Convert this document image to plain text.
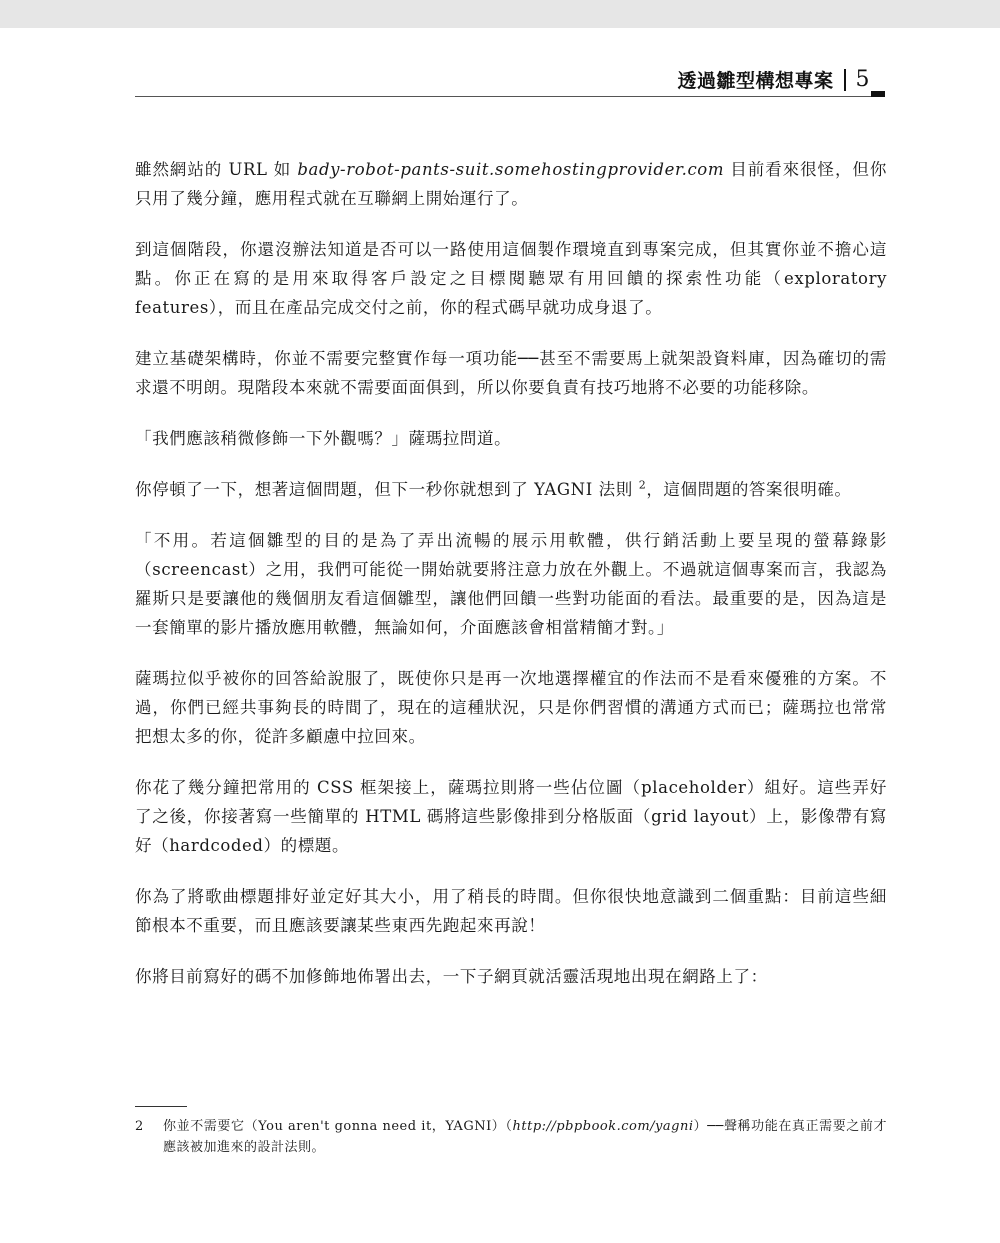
透過雛型構想專案 5

雖然網站的 URL 如 bady-robot-pants-suit.somehostingprovider.com 目前看來很怪，但你只用了幾分鐘，應用程式就在互聯網上開始運行了。

到這個階段，你還沒辦法知道是否可以一路使用這個製作環境直到專案完成，但其實你並不擔心這點。你正在寫的是用來取得客戶設定之目標閱聽眾有用回饋的探索性功能（exploratory features），而且在產品完成交付之前，你的程式碼早就功成身退了。

建立基礎架構時，你並不需要完整實作每一項功能──甚至不需要馬上就架設資料庫，因為確切的需求還不明朗。現階段本來就不需要面面俱到，所以你要負責有技巧地將不必要的功能移除。

「我們應該稍微修飾一下外觀嗎？」薩瑪拉問道。

你停頓了一下，想著這個問題，但下一秒你就想到了 YAGNI 法則 $^2$，這個問題的答案很明確。

「不用。若這個雛型的目的是為了弄出流暢的展示用軟體，供行銷活動上要呈現的螢幕錄影（screencast）之用，我們可能從一開始就要將注意力放在外觀上。不過就這個專案而言，我認為羅斯只是要讓他的幾個朋友看這個雛型，讓他們回饋一些對功能面的看法。最重要的是，因為這是一套簡單的影片播放應用軟體，無論如何，介面應該會相當精簡才對。」

薩瑪拉似乎被你的回答給說服了，既使你只是再一次地選擇權宜的作法而不是看來優雅的方案。不過，你們已經共事夠長的時間了，現在的這種狀況，只是你們習慣的溝通方式而已；薩瑪拉也常常把想太多的你，從許多顧慮中拉回來。

你花了幾分鐘把常用的 CSS 框架接上，薩瑪拉則將一些佔位圖（placeholder）組好。這些弄好了之後，你接著寫一些簡單的 HTML 碼將這些影像排到分格版面（grid layout）上，影像帶有寫好（hardcoded）的標題。

你為了將歌曲標題排好並定好其大小，用了稍長的時間。但你很快地意識到二個重點：目前這些細節根本不重要，而且應該要讓某些東西先跑起來再說！

你將目前寫好的碼不加修飾地佈署出去，一下子網頁就活靈活現地出現在網路上了：

2	你並不需要它（You aren't gonna need it，YAGNI）（http://pbpbook.com/yagni）──聲稱功能在真正需要之前才應該被加進來的設計法則。
